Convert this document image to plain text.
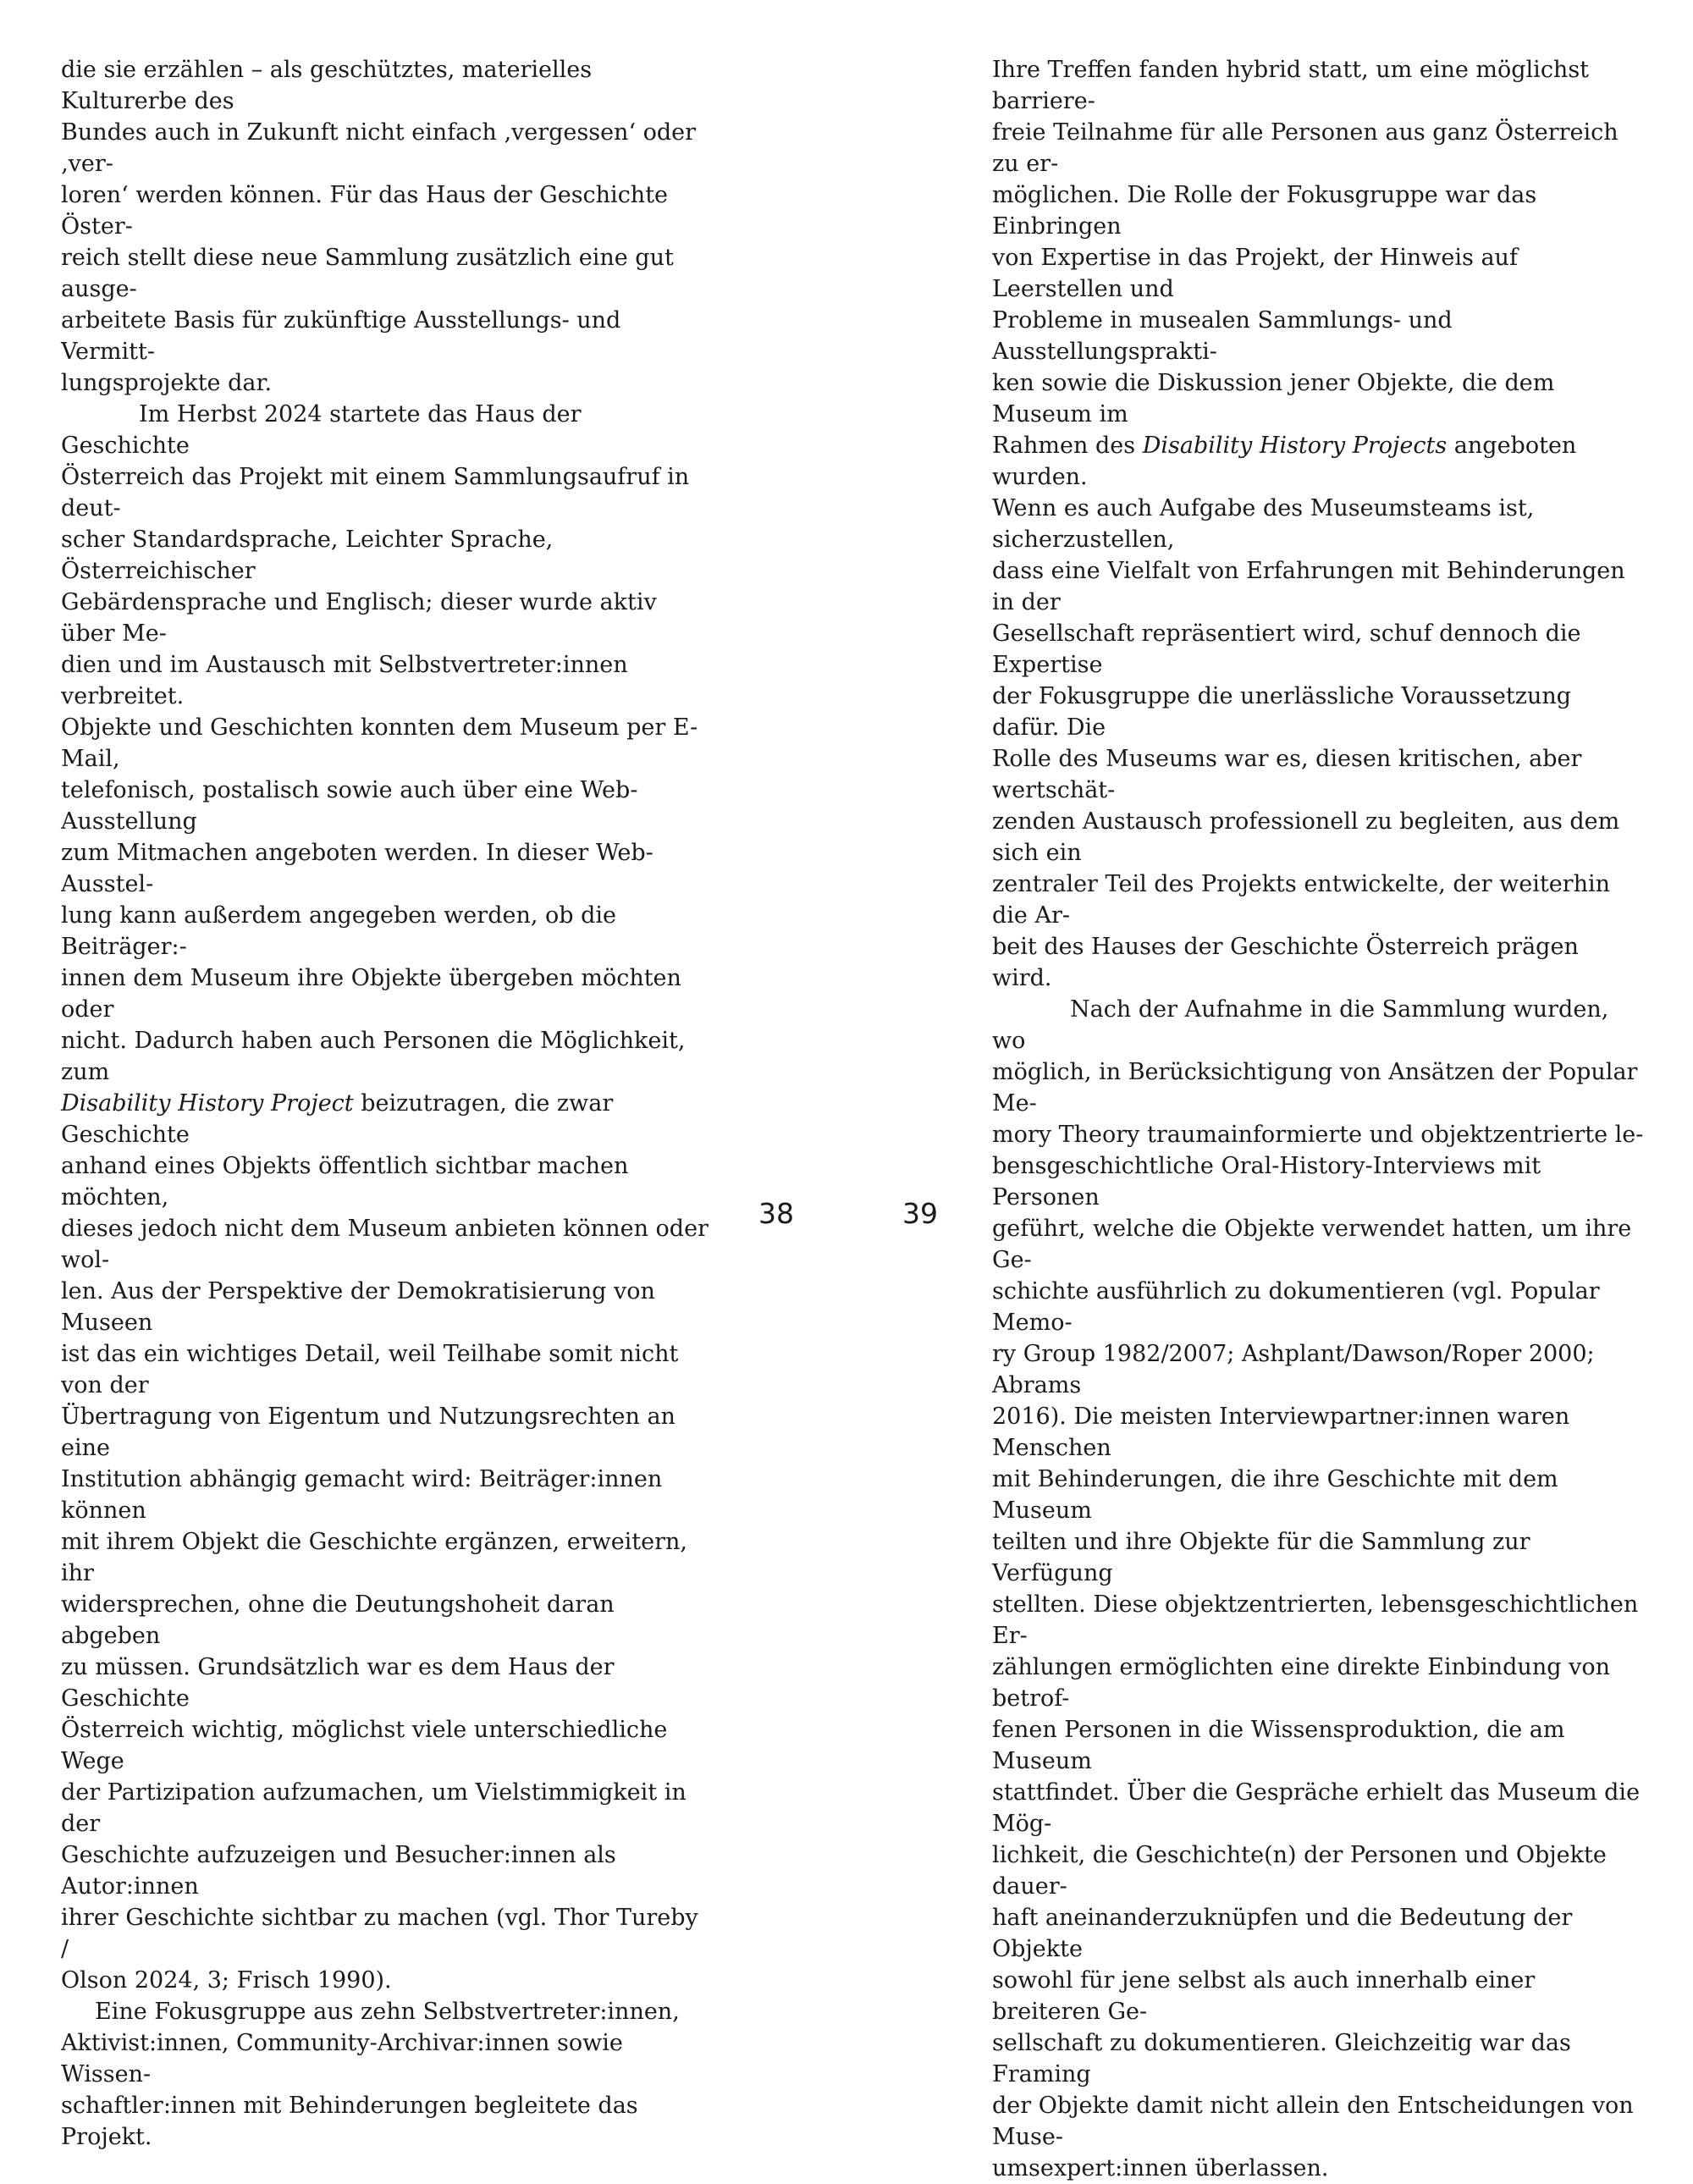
die sie erzählen – als geschütztes, materielles Kulturerbe des
Bundes auch in Zukunft nicht einfach ‚vergessen‘ oder ‚ver-
loren‘ werden können. Für das Haus der Geschichte Öster-
reich stellt diese neue Sammlung zusätzlich eine gut ausge-
arbeitete Basis für zukünftige Ausstellungs- und Vermitt-
lungsprojekte dar.

Im Herbst 2024 startete das Haus der Geschichte
Österreich das Projekt mit einem Sammlungsaufruf in deut-
scher Standardsprache, Leichter Sprache, Österreichischer
Gebärdensprache und Englisch; dieser wurde aktiv über Me-
dien und im Austausch mit Selbstvertreter:innen verbreitet.
Objekte und Geschichten konnten dem Museum per E-Mail,
telefonisch, postalisch sowie auch über eine Web-Ausstellung
zum Mitmachen angeboten werden. In dieser Web-Ausstel-
lung kann außerdem angegeben werden, ob die Beiträger:-
innen dem Museum ihre Objekte übergeben möchten oder
nicht. Dadurch haben auch Personen die Möglichkeit, zum
Disability History Project beizutragen, die zwar Geschichte
anhand eines Objekts öffentlich sichtbar machen möchten,
dieses jedoch nicht dem Museum anbieten können oder wol-
len. Aus der Perspektive der Demokratisierung von Museen
ist das ein wichtiges Detail, weil Teilhabe somit nicht von der
Übertragung von Eigentum und Nutzungsrechten an eine
Institution abhängig gemacht wird: Beiträger:innen können
mit ihrem Objekt die Geschichte ergänzen, erweitern, ihr
widersprechen, ohne die Deutungshoheit daran abgeben
zu müssen. Grundsätzlich war es dem Haus der Geschichte
Österreich wichtig, möglichst viele unterschiedliche Wege
der Partizipation aufzumachen, um Vielstimmigkeit in der
Geschichte aufzuzeigen und Besucher:innen als Autor:innen
ihrer Geschichte sichtbar zu machen (vgl. Thor Tureby /
Olson 2024, 3; Frisch 1990).

Eine Fokusgruppe aus zehn Selbstvertreter:innen,
Aktivist:innen, Community-Archivar:innen sowie Wissen-
schaftler:innen mit Behinderungen begleitete das Projekt.

Ihre Treffen fanden hybrid statt, um eine möglichst barriere-
freie Teilnahme für alle Personen aus ganz Österreich zu er-
möglichen. Die Rolle der Fokusgruppe war das Einbringen
von Expertise in das Projekt, der Hinweis auf Leerstellen und
Probleme in musealen Sammlungs- und Ausstellungsprakti-
ken sowie die Diskussion jener Objekte, die dem Museum im
Rahmen des Disability History Projects angeboten wurden.
Wenn es auch Aufgabe des Museumsteams ist, sicherzustellen,
dass eine Vielfalt von Erfahrungen mit Behinderungen in der
Gesellschaft repräsentiert wird, schuf dennoch die Expertise
der Fokusgruppe die unerlässliche Voraussetzung dafür. Die
Rolle des Museums war es, diesen kritischen, aber wertschät-
zenden Austausch professionell zu begleiten, aus dem sich ein
zentraler Teil des Projekts entwickelte, der weiterhin die Ar-
beit des Hauses der Geschichte Österreich prägen wird.

Nach der Aufnahme in die Sammlung wurden, wo
möglich, in Berücksichtigung von Ansätzen der Popular Me-
mory Theory traumainformierte und objektzentrierte le-
bensgeschichtliche Oral-History-Interviews mit Personen
geführt, welche die Objekte verwendet hatten, um ihre Ge-
schichte ausführlich zu dokumentieren (vgl. Popular Memo-
ry Group 1982/2007; Ashplant/Dawson/Roper 2000; Abrams
2016). Die meisten Interviewpartner:innen waren Menschen
mit Behinderungen, die ihre Geschichte mit dem Museum
teilten und ihre Objekte für die Sammlung zur Verfügung
stellten. Diese objektzentrierten, lebensgeschichtlichen Er-
zählungen ermöglichten eine direkte Einbindung von betrof-
fenen Personen in die Wissensproduktion, die am Museum
stattfindet. Über die Gespräche erhielt das Museum die Mög-
lichkeit, die Geschichte(n) der Personen und Objekte dauer-
haft aneinanderzuknüpfen und die Bedeutung der Objekte
sowohl für jene selbst als auch innerhalb einer breiteren Ge-
sellschaft zu dokumentieren. Gleichzeitig war das Framing
der Objekte damit nicht allein den Entscheidungen von Muse-
umsexpert:innen überlassen.

38	39
